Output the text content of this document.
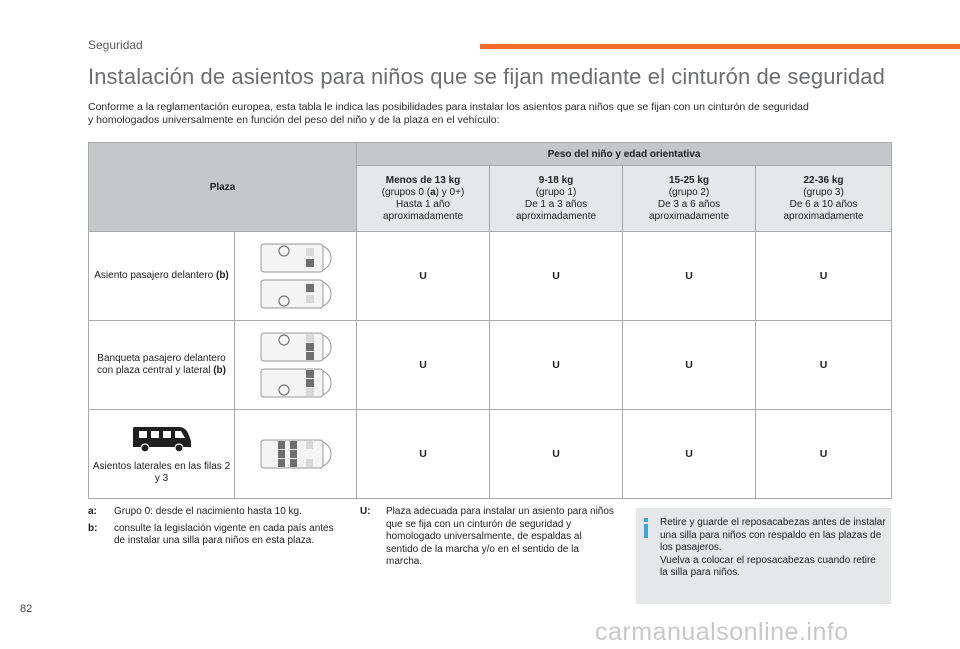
Seguridad
Instalación de asientos para niños que se fijan mediante el cinturón de seguridad

Conforme a la reglamentación europea, esta tabla le indica las posibilidades para instalar los asientos para niños que se fijan con un cinturón de seguridad
y homologados universalmente en función del peso del niño y de la plaza en el vehículo:

Plaza		Peso del niño y edad orientativa			
		Menos de 13 kg
(grupos 0 (a) y 0+)
Hasta 1 año
aproximadamente	9-18 kg
(grupo 1)
De 1 a 3 años
aproximadamente	15-25 kg
(grupo 2)
De 3 a 6 años
aproximadamente	22-36 kg
(grupo 3)
De 6 a 10 años
aproximadamente
Asiento pasajero delantero (b)		U	U	U	U
Banqueta pasajero delantero con plaza central y lateral (b)		U	U	U	U

Asientos laterales en las filas 2 y 3		U	U	U	U
a:	Grupo 0: desde el nacimiento hasta 10 kg.
b:	consulte la legislación vigente en cada país antes de instalar una silla para niños en esta plaza.
U:	Plaza adecuada para instalar un asiento para niños que se fija con un cinturón de seguridad y homologado universalmente, de espaldas al sentido de la marcha y/o en el sentido de la marcha.

Retire y guarde el reposacabezas antes de instalar una silla para niños con respaldo en las plazas de los pasajeros.
Vuelva a colocar el reposacabezas cuando retire la silla para niños.

82
carmanualsonline.info
